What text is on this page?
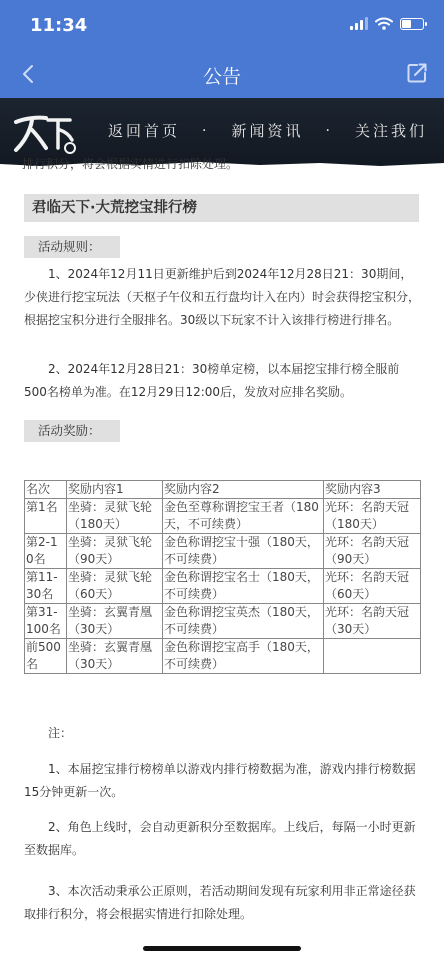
11:34
公告
返回首页 · 新闻资讯 · 关注我们
排行积分，将会根据实情进行扣除处理。
君临天下·大荒挖宝排行榜
活动规则：
1、2024年12月11日更新维护后到2024年12月28日21：30期间，少侠进行挖宝玩法（天枢子午仪和五行盘均计入在内）时会获得挖宝积分，根据挖宝积分进行全服排名。30级以下玩家不计入该排行榜进行排名。
2、2024年12月28日21：30榜单定榜，以本届挖宝排行榜全服前500名榜单为准。在12月29日12:00后，发放对应排名奖励。
活动奖励：
名次	奖励内容1	奖励内容2	奖励内容3
第1名	坐骑：灵狱飞轮（180天）	金色至尊称谓挖宝王者（180天，不可续费）	光环：名韵天冠（180天）
第2-10名	坐骑：灵狱飞轮（90天）	金色称谓挖宝十强（180天，不可续费）	光环：名韵天冠（90天）
第11-30名	坐骑：灵狱飞轮（60天）	金色称谓挖宝名士（180天，不可续费）	光环：名韵天冠（60天）
第31-100名	坐骑：玄翼青凰（30天）	金色称谓挖宝英杰（180天，不可续费）	光环：名韵天冠（30天）
前500名	坐骑：玄翼青凰（30天）	金色称谓挖宝高手（180天，不可续费）	
注：
1、本届挖宝排行榜榜单以游戏内排行榜数据为准，游戏内排行榜数据15分钟更新一次。
2、角色上线时，会自动更新积分至数据库。上线后，每隔一小时更新至数据库。
3、本次活动秉承公正原则，若活动期间发现有玩家利用非正常途径获取排行积分，将会根据实情进行扣除处理。
